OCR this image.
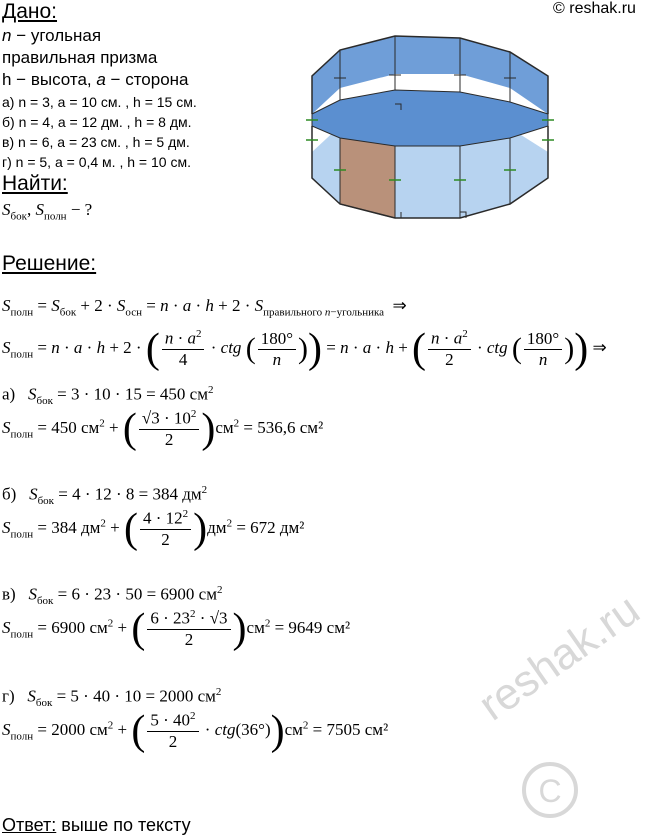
Дано:	© reshak.ru
n − угольная
правильная призма
h − высота, a − сторона
а) n = 3, a = 10 см. , h = 15 см.
б) n = 4, a = 12 дм. , h = 8 дм.
в) n = 6, a = 23 см. , h = 5 дм.
г) n = 5, a = 0,4 м. , h = 10 см.
Найти:
$S_{бок}$, $S_{полн}$ − ?
Решение:
$S_{полн} = S_{бок} + 2 \cdot S_{осн} = n \cdot a \cdot h + 2 \cdot S_{правильного n-угольника}$  ⇒
$S_{полн} = n \cdot a \cdot h + 2$ · ( $\frac{n \cdot a^2}{4}$ · ctg ( $\frac{180^\circ}{n}$ )) = n · a · h + ( $\frac{n \cdot a^2}{2}$ · ctg ( $\frac{180^\circ}{n}$ )) ⇒
а)   $S_{бок} = 3 \cdot 10 \cdot 15 = 450$ $см^2$
$S_{полн} = 450$ $см^2$ + ( $\frac{√3 \cdot 10^2}{2} )см^2 = 536,6$ см²
б)   $S_{бок} = 4 \cdot 12 \cdot 8 = 384$ $дм^2$
$S_{полн} = 384$ $дм^2$ + ( $\frac{4 \cdot 12^2}{2} )дм^2 = 672$ дм²
в)   $S_{бок} = 6 \cdot 23 \cdot 50 = 6900$ $см^2$
$S_{полн} = 6900$ $см^2$ + ( $\frac{6 \cdot 23^2 \cdot √3}{2} )см^2 = 9649$ см²
г)   $S_{бок} = 5 \cdot 40 \cdot 10 = 2000$ $см^2$
$S_{полн} = 2000$ $см^2$ + ( $\frac{5 \cdot 40^2}{2} \cdot ctg(36^\circ))см^2 = 7505$ см² reshak.ru
C
Ответ: выше по тексту
